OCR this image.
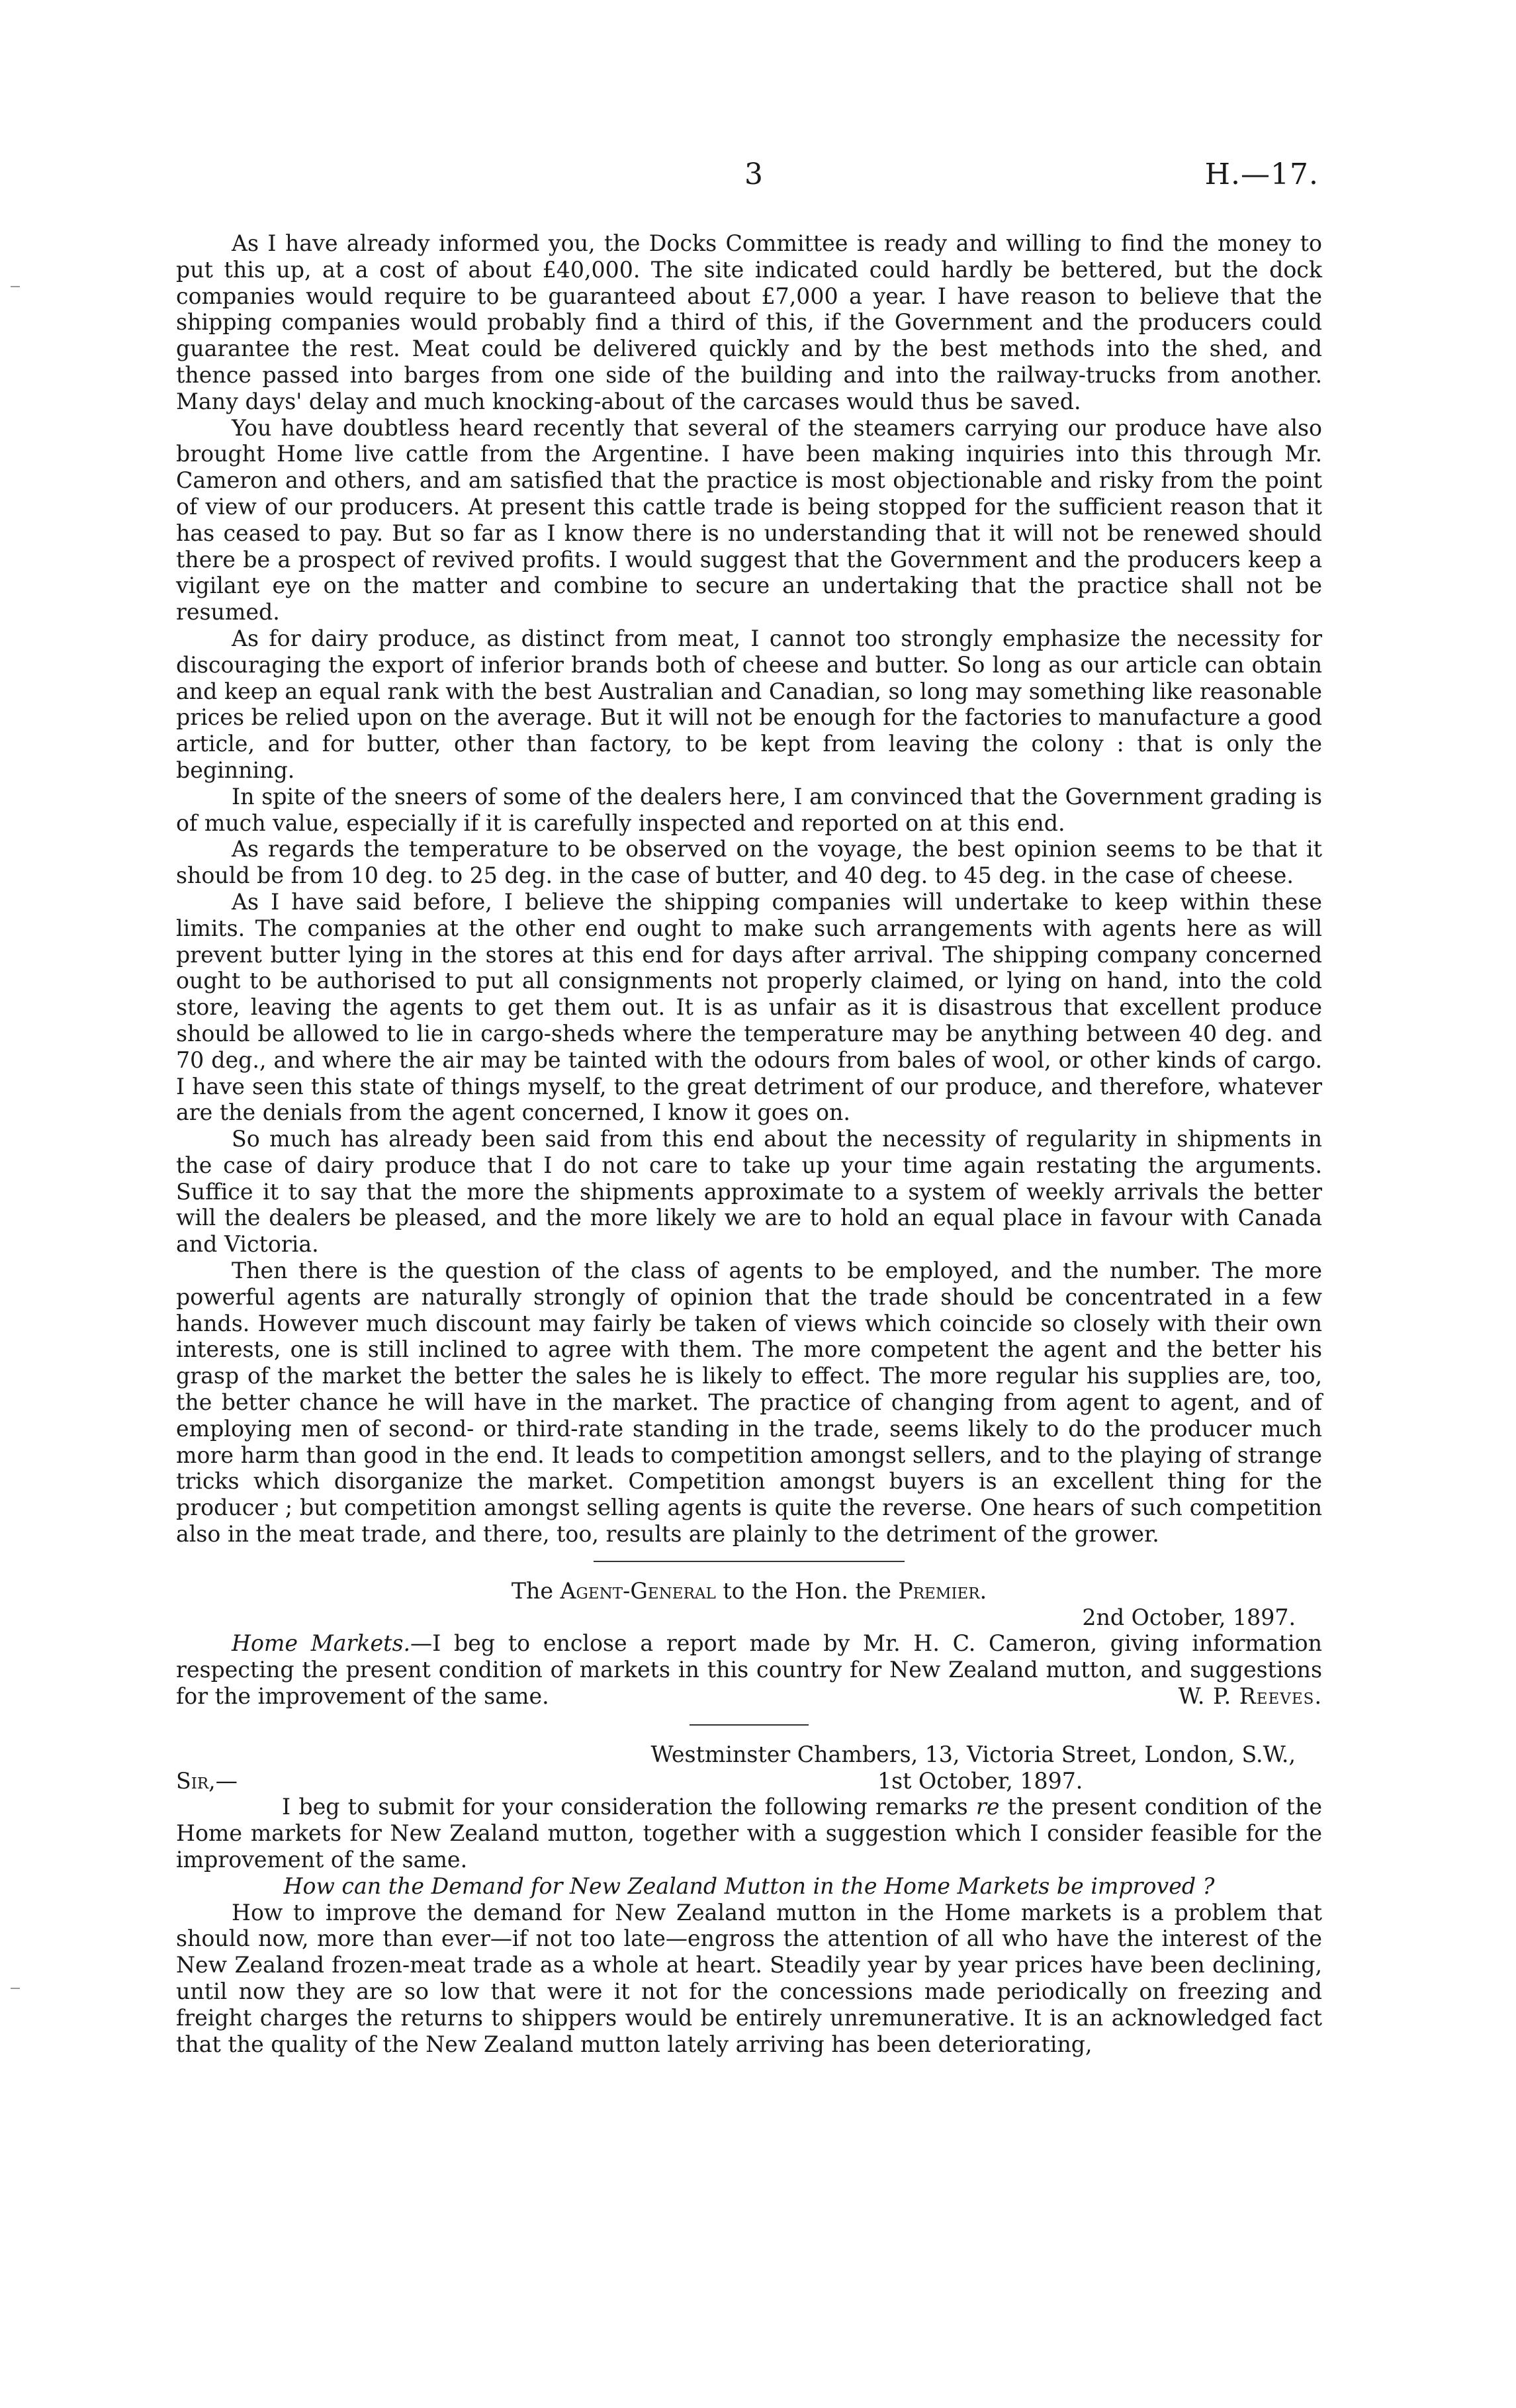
3	H.—17.

As I have already informed you, the Docks Committee is ready and willing to find the money to put this up, at a cost of about £40,000. The site indicated could hardly be bettered, but the dock companies would require to be guaranteed about £7,000 a year. I have reason to believe that the shipping companies would probably find a third of this, if the Government and the producers could guarantee the rest. Meat could be delivered quickly and by the best methods into the shed, and thence passed into barges from one side of the building and into the railway-trucks from another. Many days' delay and much knocking-about of the carcases would thus be saved.

You have doubtless heard recently that several of the steamers carrying our produce have also brought Home live cattle from the Argentine. I have been making inquiries into this through Mr. Cameron and others, and am satisfied that the practice is most objectionable and risky from the point of view of our producers. At present this cattle trade is being stopped for the sufficient reason that it has ceased to pay. But so far as I know there is no understanding that it will not be renewed should there be a prospect of revived profits. I would suggest that the Government and the producers keep a vigilant eye on the matter and combine to secure an undertaking that the practice shall not be resumed.

As for dairy produce, as distinct from meat, I cannot too strongly emphasize the necessity for discouraging the export of inferior brands both of cheese and butter. So long as our article can obtain and keep an equal rank with the best Australian and Canadian, so long may something like reasonable prices be relied upon on the average. But it will not be enough for the factories to manufacture a good article, and for butter, other than factory, to be kept from leaving the colony : that is only the beginning.

In spite of the sneers of some of the dealers here, I am convinced that the Government grading is of much value, especially if it is carefully inspected and reported on at this end.

As regards the temperature to be observed on the voyage, the best opinion seems to be that it should be from 10 deg. to 25 deg. in the case of butter, and 40 deg. to 45 deg. in the case of cheese.

As I have said before, I believe the shipping companies will undertake to keep within these limits. The companies at the other end ought to make such arrangements with agents here as will prevent butter lying in the stores at this end for days after arrival. The shipping company concerned ought to be authorised to put all consignments not properly claimed, or lying on hand, into the cold store, leaving the agents to get them out. It is as unfair as it is disastrous that excellent produce should be allowed to lie in cargo-sheds where the temperature may be anything between 40 deg. and 70 deg., and where the air may be tainted with the odours from bales of wool, or other kinds of cargo. I have seen this state of things myself, to the great detriment of our produce, and therefore, whatever are the denials from the agent concerned, I know it goes on.

So much has already been said from this end about the necessity of regularity in shipments in the case of dairy produce that I do not care to take up your time again restating the arguments. Suffice it to say that the more the shipments approximate to a system of weekly arrivals the better will the dealers be pleased, and the more likely we are to hold an equal place in favour with Canada and Victoria.

Then there is the question of the class of agents to be employed, and the number. The more powerful agents are naturally strongly of opinion that the trade should be concentrated in a few hands. However much discount may fairly be taken of views which coincide so closely with their own interests, one is still inclined to agree with them. The more competent the agent and the better his grasp of the market the better the sales he is likely to effect. The more regular his supplies are, too, the better chance he will have in the market. The practice of changing from agent to agent, and of employing men of second- or third-rate standing in the trade, seems likely to do the producer much more harm than good in the end. It leads to competition amongst sellers, and to the playing of strange tricks which disorganize the market. Competition amongst buyers is an excellent thing for the producer ; but competition amongst selling agents is quite the reverse. One hears of such competition also in the meat trade, and there, too, results are plainly to the detriment of the grower.

The Agent-General to the Hon. the Premier.

2nd October, 1897.

Home Markets.—I beg to enclose a report made by Mr. H. C. Cameron, giving information respecting the present condition of markets in this country for New Zealand mutton, and suggestions for the improvement of the same.	W. P. Reeves.

Westminster Chambers, 13, Victoria Street, London, S.W.,

Sir,—	1st October, 1897.

I beg to submit for your consideration the following remarks re the present condition of the Home markets for New Zealand mutton, together with a suggestion which I consider feasible for the improvement of the same.

How can the Demand for New Zealand Mutton in the Home Markets be improved ?

How to improve the demand for New Zealand mutton in the Home markets is a problem that should now, more than ever—if not too late—engross the attention of all who have the interest of the New Zealand frozen-meat trade as a whole at heart. Steadily year by year prices have been declining, until now they are so low that were it not for the concessions made periodically on freezing and freight charges the returns to shippers would be entirely unremunerative. It is an acknowledged fact that the quality of the New Zealand mutton lately arriving has been deteriorating,
